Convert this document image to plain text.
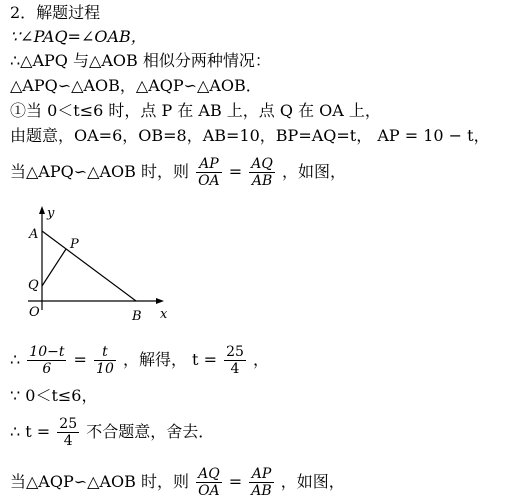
2．解题过程
∵∠PAQ=∠OAB，
∴△APQ 与△AOB 相似分两种情况：
△APQ∽△AOB，△AQP∽△AOB．
①当 0＜t≤6 时，点 P 在 AB 上，点 Q 在 OA 上，
由题意，OA=6，OB=8，AB=10，BP=AQ=t， AP = 10 − t，
当△APQ∽△AOB 时，则 $\frac{AP}{OA} = \frac{AQ}{AB}$ ，如图，
y
x
A
P
Q
O	B
∴ $\frac{10-t}{6} = \frac{t}{10}$ ，解得， $t = \frac{25}{4}$ ，
∵ 0＜t≤6，
∴ $t = \frac{25}{4}$ 不合题意，舍去．
当△AQP∽△AOB 时，则 $\frac{AQ}{OA} = \frac{AP}{AB}$ ，如图，
